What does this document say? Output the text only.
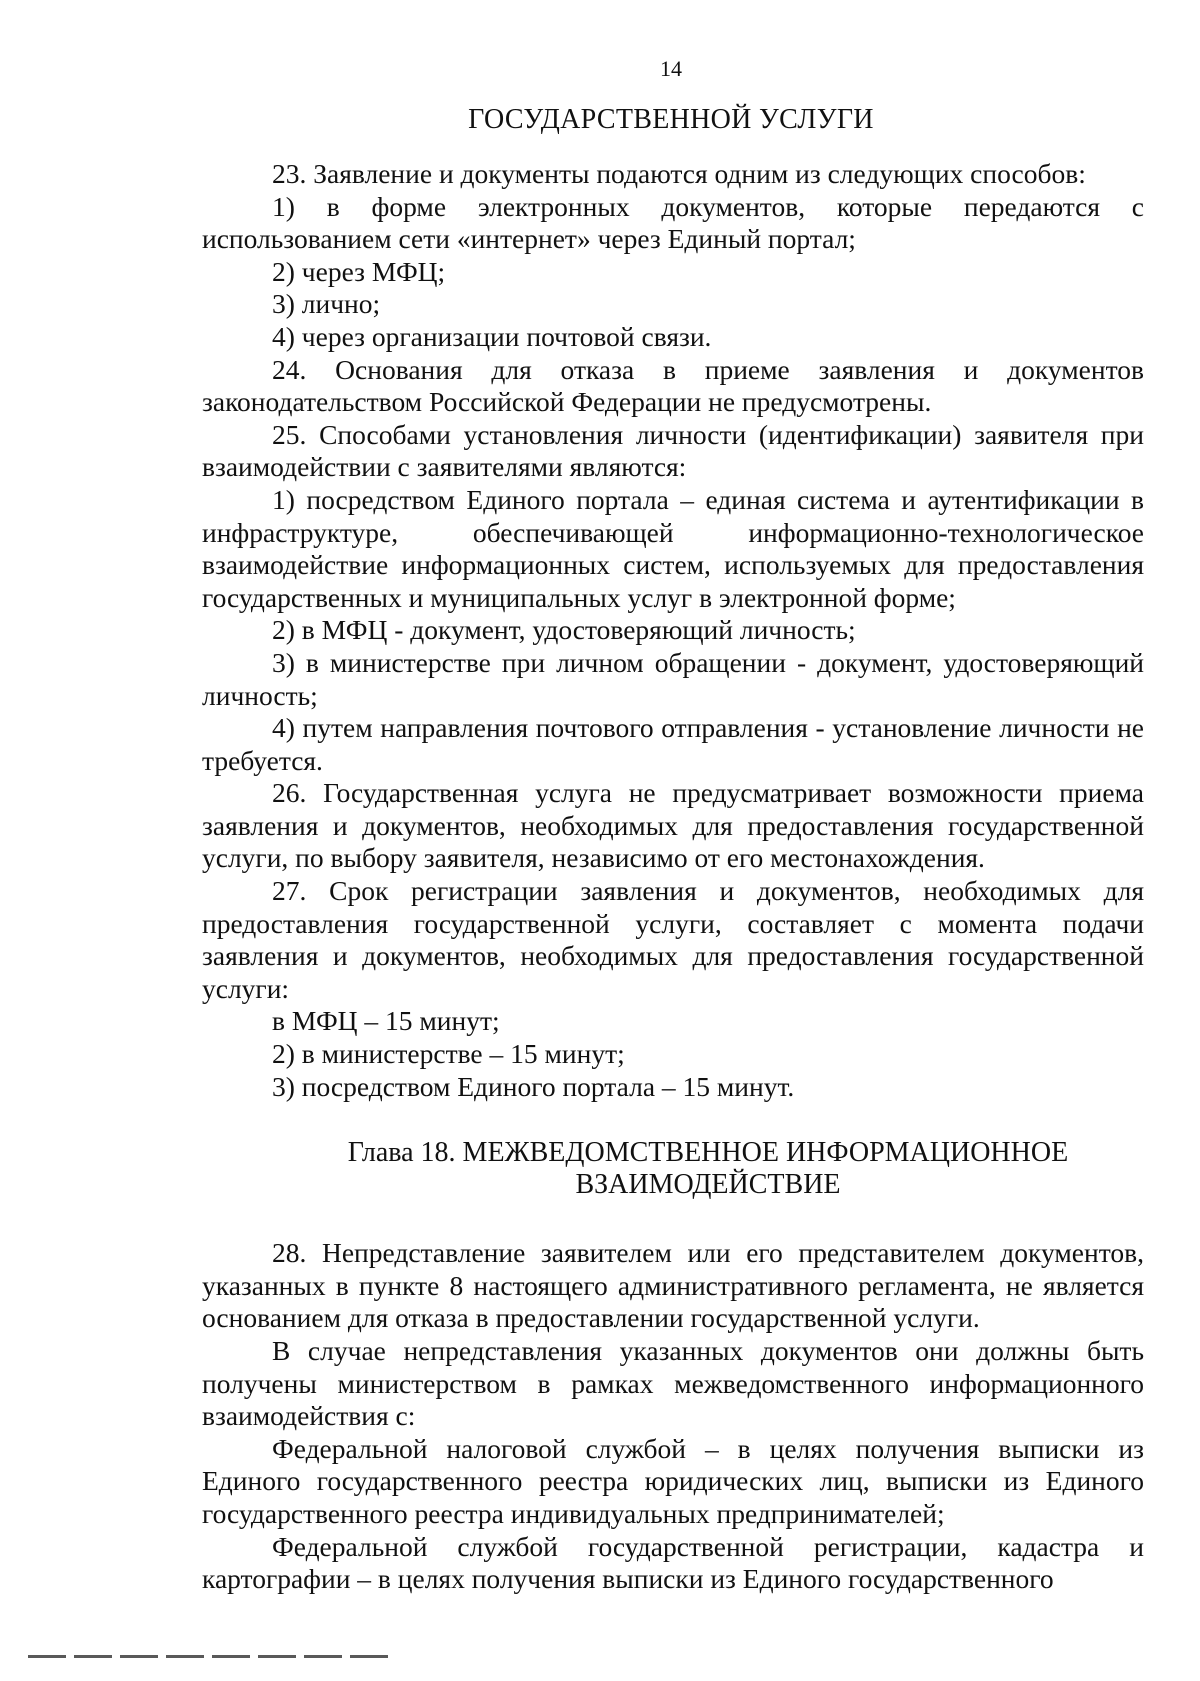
14
ГОСУДАРСТВЕННОЙ УСЛУГИ

23. Заявление и документы подаются одним из следующих способов:

1) в форме электронных документов, которые передаются с использованием сети «интернет» через Единый портал;

2) через МФЦ;

3) лично;

4) через организации почтовой связи.

24. Основания для отказа в приеме заявления и документов законодательством Российской Федерации не предусмотрены.

25. Способами установления личности (идентификации) заявителя при взаимодействии с заявителями являются:

1) посредством Единого портала – единая система и аутентификации в инфраструктуре, обеспечивающей информационно-технологическое взаимодействие информационных систем, используемых для предоставления государственных и муниципальных услуг в электронной форме;

2) в МФЦ - документ, удостоверяющий личность;

3) в министерстве при личном обращении - документ, удостоверяющий личность;

4) путем направления почтового отправления - установление личности не требуется.

26. Государственная услуга не предусматривает возможности приема заявления и документов, необходимых для предоставления государственной услуги, по выбору заявителя, независимо от его местонахождения.

27. Срок регистрации заявления и документов, необходимых для предоставления государственной услуги, составляет с момента подачи заявления и документов, необходимых для предоставления государственной услуги:

в МФЦ – 15 минут;

2) в министерстве – 15 минут;

3) посредством Единого портала – 15 минут.

Глава 18. МЕЖВЕДОМСТВЕННОЕ ИНФОРМАЦИОННОЕ
ВЗАИМОДЕЙСТВИЕ

28. Непредставление заявителем или его представителем документов, указанных в пункте 8 настоящего административного регламента, не является основанием для отказа в предоставлении государственной услуги.

В случае непредставления указанных документов они должны быть получены министерством в рамках межведомственного информационного взаимодействия с:

Федеральной налоговой службой – в целях получения выписки из Единого государственного реестра юридических лиц, выписки из Единого государственного реестра индивидуальных предпринимателей;

Федеральной службой государственной регистрации, кадастра и картографии – в целях получения выписки из Единого государственного
